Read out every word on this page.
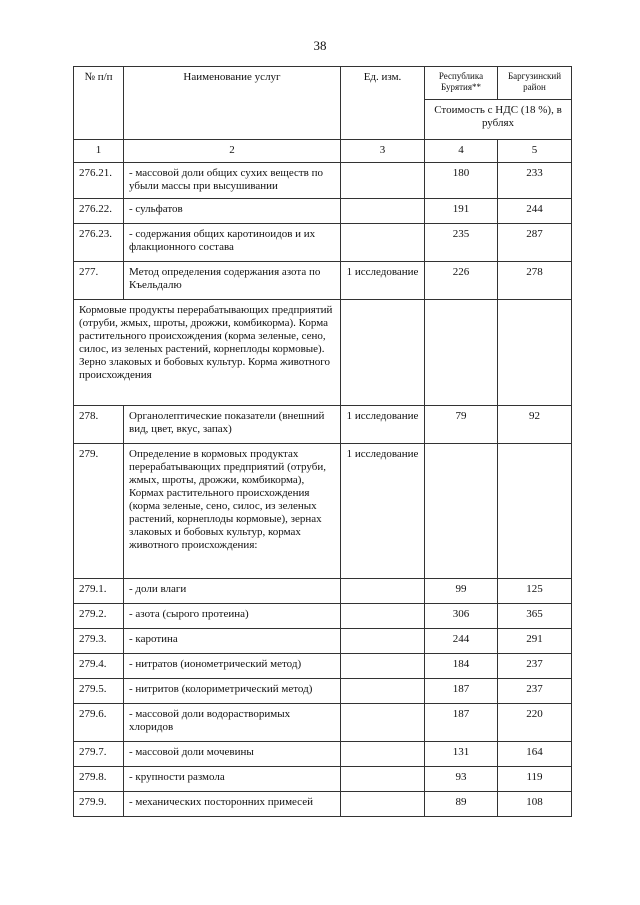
38
№ п/п	Наименование услуг	Ед. изм.	Республика Бурятия**	Баргузинский район
			Стоимость с НДС (18 %), в рублях	
1	2	3	4	5
276.21.	- массовой доли общих сухих веществ по убыли массы при высушивании		180	233
276.22.	- сульфатов		191	244
276.23.	- содержания общих каротиноидов и их флакционного состава		235	287
277.	Метод определения содержания азота по Къельдалю	1 исследование	226	278
Кормовые продукты перерабатывающих предприятий (отруби, жмых, шроты, дрожжи, комбикорма). Корма растительного происхождения (корма зеленые, сено, силос, из зеленых растений, корнеплоды кормовые). Зерно злаковых и бобовых культур. Корма животного происхождения				
278.	Органолептические показатели (внешний вид, цвет, вкус, запах)	1 исследование	79	92
279.	Определение в кормовых продуктах перерабатывающих предприятий (отруби, жмых, шроты, дрожжи, комбикорма), Кормах растительного происхождения (корма зеленые, сено, силос, из зеленых растений, корнеплоды кормовые), зернах злаковых и бобовых культур, кормах животного происхождения:	1 исследование		
279.1.	- доли влаги		99	125
279.2.	- азота (сырого протеина)		306	365
279.3.	- каротина		244	291
279.4.	- нитратов (ионометрический метод)		184	237
279.5.	- нитритов (колориметрический метод)		187	237
279.6.	- массовой доли водорастворимых хлоридов		187	220
279.7.	- массовой доли мочевины		131	164
279.8.	- крупности размола		93	119
279.9.	- механических посторонних примесей		89	108
